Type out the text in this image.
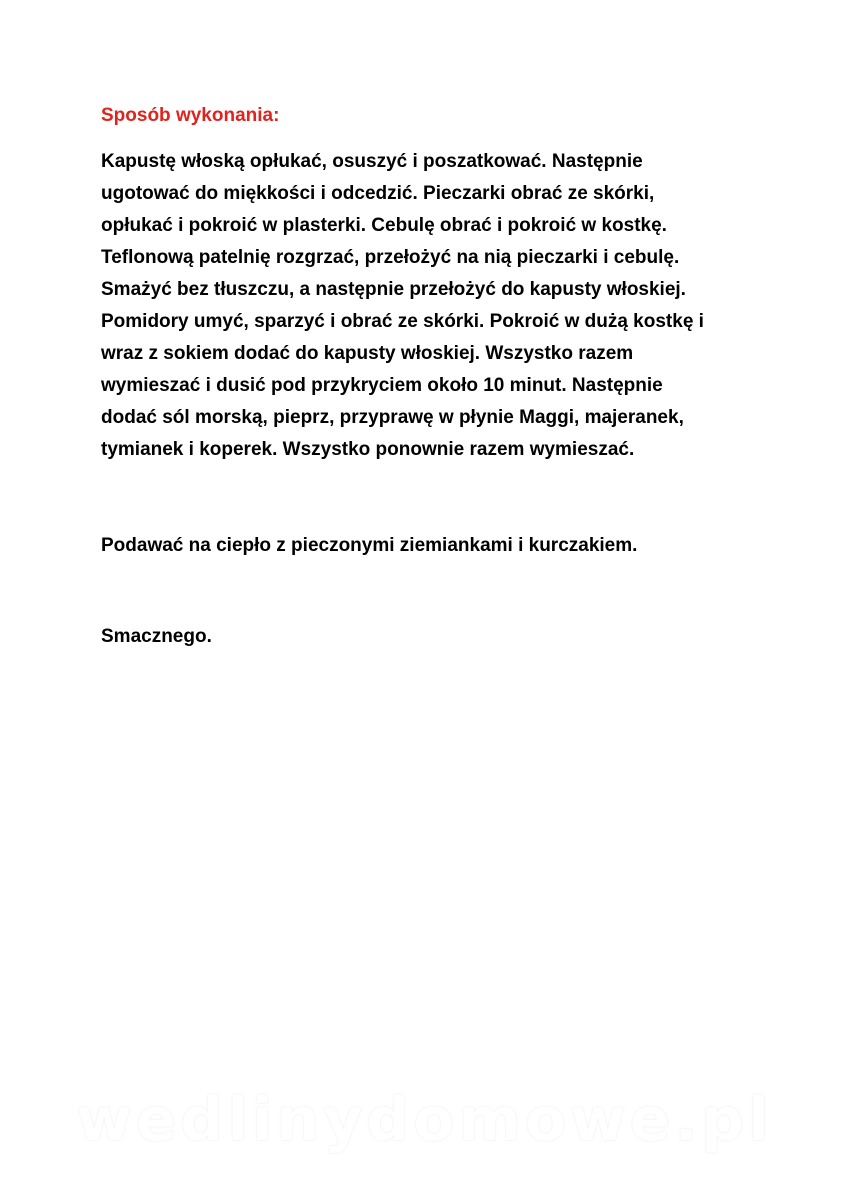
Sposób wykonania:
Kapustę włoską opłukać, osuszyć i poszatkować. Następnie
ugotować do miękkości i odcedzić. Pieczarki obrać ze skórki,
opłukać i pokroić w plasterki. Cebulę obrać i pokroić w kostkę.
Teflonową patelnię rozgrzać, przełożyć na nią pieczarki i cebulę.
Smażyć bez tłuszczu, a następnie przełożyć do kapusty włoskiej.
Pomidory umyć, sparzyć i obrać ze skórki. Pokroić w dużą kostkę i
wraz z sokiem dodać do kapusty włoskiej. Wszystko razem
wymieszać i dusić pod przykryciem około 10 minut. Następnie
dodać sól morską, pieprz, przyprawę w płynie Maggi, majeranek,
tymianek i koperek. Wszystko ponownie razem wymieszać.
Podawać na ciepło z pieczonymi ziemiankami i kurczakiem.
Smacznego.
wedlinydomowe.pl
